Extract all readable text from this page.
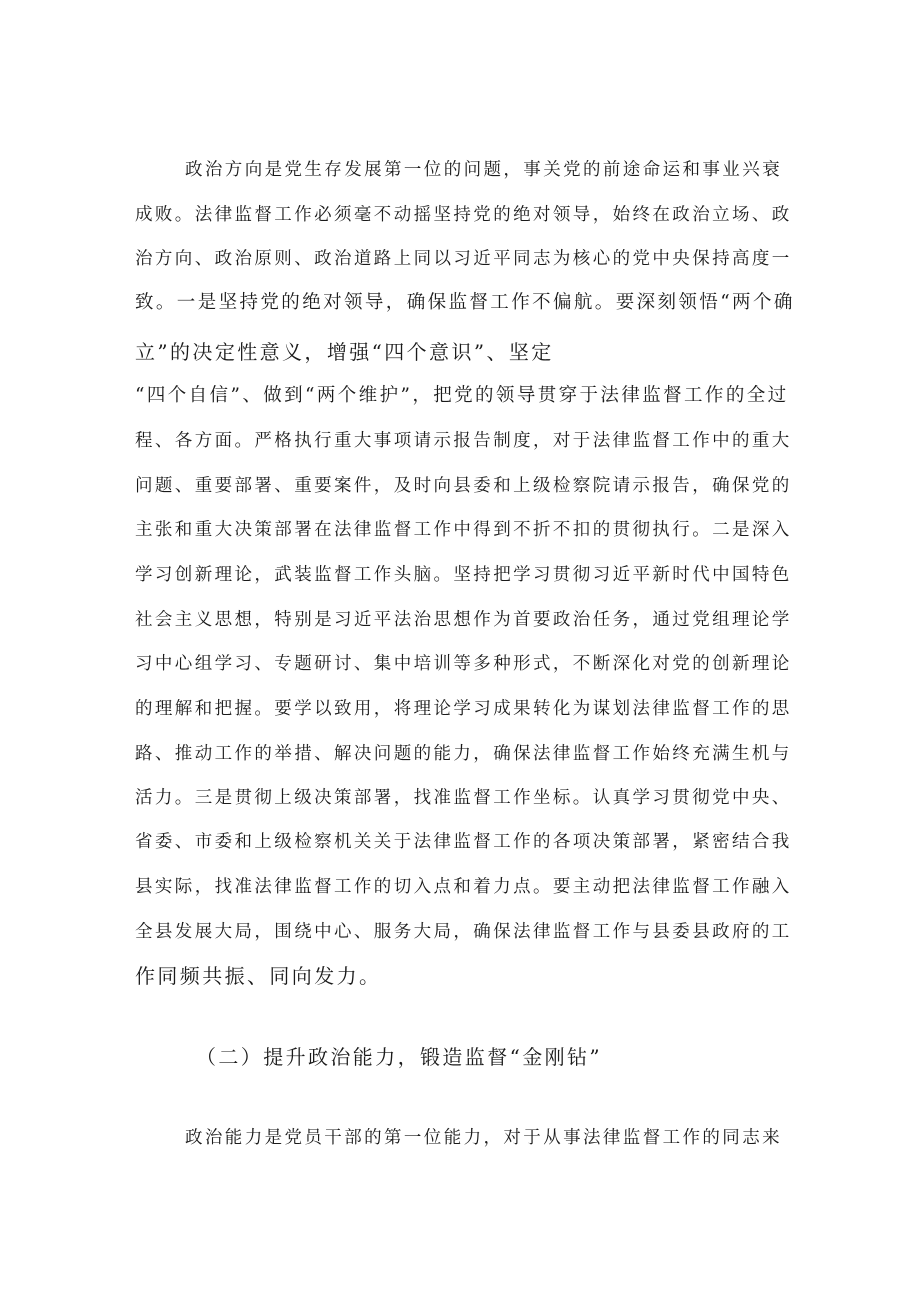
政治方向是党生存发展第一位的问题，事关党的前途命运和事业兴衰
成败。法律监督工作必须毫不动摇坚持党的绝对领导，始终在政治立场、政
治方向、政治原则、政治道路上同以习近平同志为核心的党中央保持高度一
致。一是坚持党的绝对领导，确保监督工作不偏航。要深刻领悟“两个确
立”的决定性意义，增强“四个意识”、坚定
“四个自信”、做到“两个维护”，把党的领导贯穿于法律监督工作的全过
程、各方面。严格执行重大事项请示报告制度，对于法律监督工作中的重大
问题、重要部署、重要案件，及时向县委和上级检察院请示报告，确保党的
主张和重大决策部署在法律监督工作中得到不折不扣的贯彻执行。二是深入
学习创新理论，武装监督工作头脑。坚持把学习贯彻习近平新时代中国特色
社会主义思想，特别是习近平法治思想作为首要政治任务，通过党组理论学
习中心组学习、专题研讨、集中培训等多种形式，不断深化对党的创新理论
的理解和把握。要学以致用，将理论学习成果转化为谋划法律监督工作的思
路、推动工作的举措、解决问题的能力，确保法律监督工作始终充满生机与
活力。三是贯彻上级决策部署，找准监督工作坐标。认真学习贯彻党中央、
省委、市委和上级检察机关关于法律监督工作的各项决策部署，紧密结合我
县实际，找准法律监督工作的切入点和着力点。要主动把法律监督工作融入
全县发展大局，围绕中心、服务大局，确保法律监督工作与县委县政府的工
作同频共振、同向发力。
（二）提升政治能力，锻造监督“金刚钻”
政治能力是党员干部的第一位能力，对于从事法律监督工作的同志来
